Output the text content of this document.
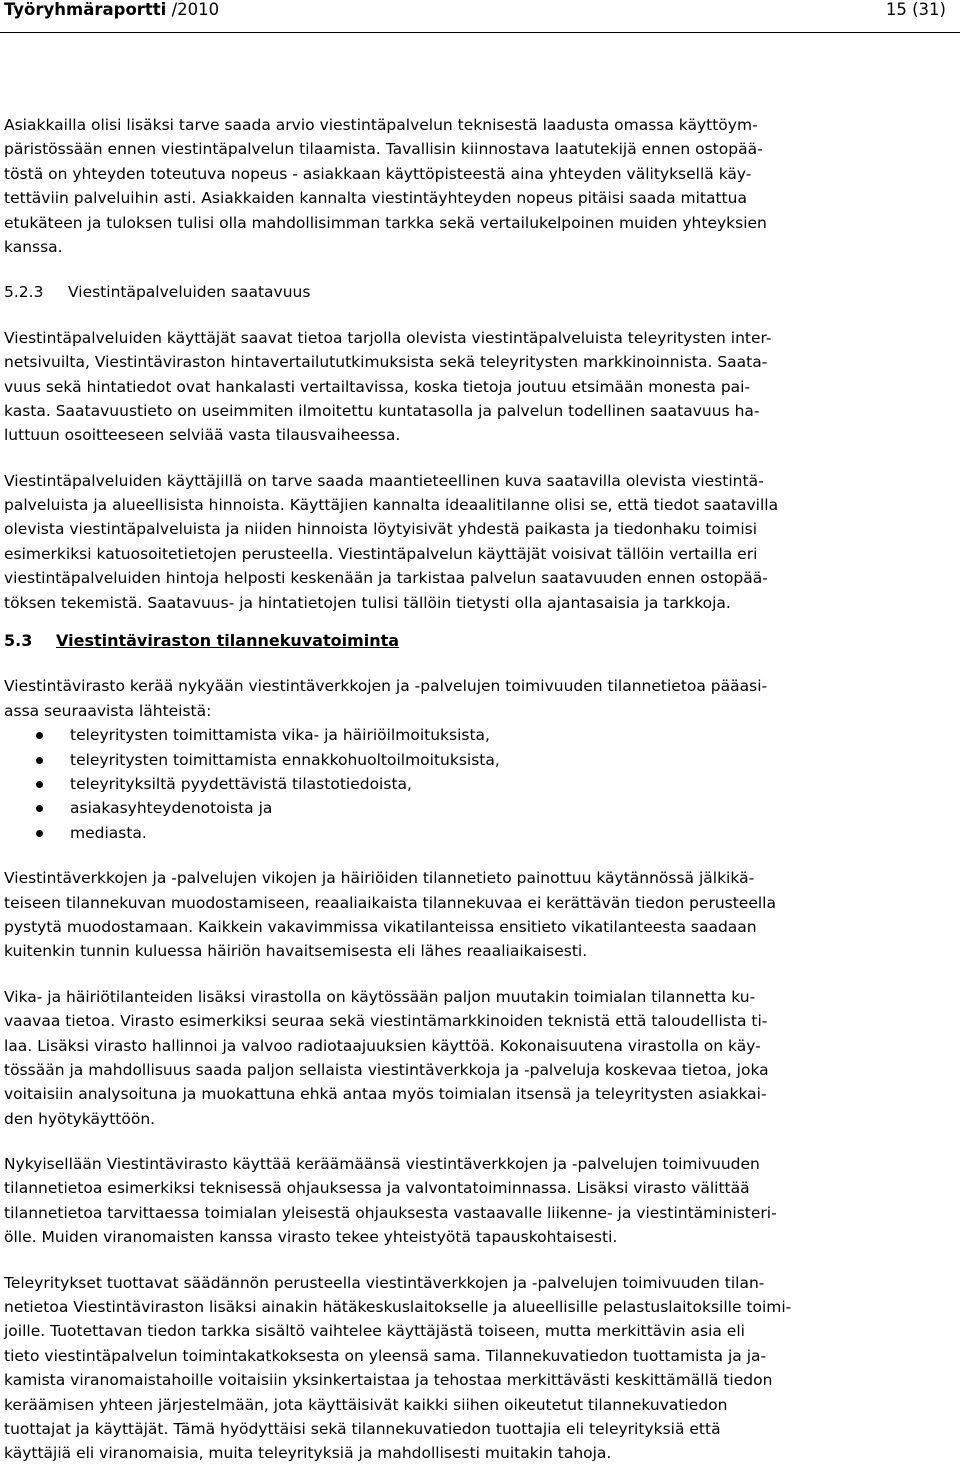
Työryhmäraportti /2010	15 (31)
Asiakkailla olisi lisäksi tarve saada arvio viestintäpalvelun teknisestä laadusta omassa käyttöym-
päristössään ennen viestintäpalvelun tilaamista. Tavallisin kiinnostava laatutekijä ennen ostopää-
töstä on yhteyden toteutuva nopeus - asiakkaan käyttöpisteestä aina yhteyden välityksellä käy-
tettäviin palveluihin asti. Asiakkaiden kannalta viestintäyhteyden nopeus pitäisi saada mitattua
etukäteen ja tuloksen tulisi olla mahdollisimman tarkka sekä vertailukelpoinen muiden yhteyksien
kanssa.
5.2.3 Viestintäpalveluiden saatavuus
Viestintäpalveluiden käyttäjät saavat tietoa tarjolla olevista viestintäpalveluista teleyritysten inter-
netsivuilta, Viestintäviraston hintavertailututkimuksista sekä teleyritysten markkinoinnista. Saata-
vuus sekä hintatiedot ovat hankalasti vertailtavissa, koska tietoja joutuu etsimään monesta pai-
kasta. Saatavuustieto on useimmiten ilmoitettu kuntatasolla ja palvelun todellinen saatavuus ha-
luttuun osoitteeseen selviää vasta tilausvaiheessa.
Viestintäpalveluiden käyttäjillä on tarve saada maantieteellinen kuva saatavilla olevista viestintä-
palveluista ja alueellisista hinnoista. Käyttäjien kannalta ideaalitilanne olisi se, että tiedot saatavilla
olevista viestintäpalveluista ja niiden hinnoista löytyisivät yhdestä paikasta ja tiedonhaku toimisi
esimerkiksi katuosoitetietojen perusteella. Viestintäpalvelun käyttäjät voisivat tällöin vertailla eri
viestintäpalveluiden hintoja helposti keskenään ja tarkistaa palvelun saatavuuden ennen ostopää-
töksen tekemistä. Saatavuus- ja hintatietojen tulisi tällöin tietysti olla ajantasaisia ja tarkkoja.
5.3 Viestintäviraston tilannekuvatoiminta
Viestintävirasto kerää nykyään viestintäverkkojen ja -palvelujen toimivuuden tilannetietoa pääasi-
assa seuraavista lähteistä:
teleyritysten toimittamista vika- ja häiriöilmoituksista,
teleyritysten toimittamista ennakkohuoltoilmoituksista,
teleyrityksiltä pyydettävistä tilastotiedoista,
asiakasyhteydenotoista ja
mediasta.
Viestintäverkkojen ja -palvelujen vikojen ja häiriöiden tilannetieto painottuu käytännössä jälkikä-
teiseen tilannekuvan muodostamiseen, reaaliaikaista tilannekuvaa ei kerättävän tiedon perusteella
pystytä muodostamaan. Kaikkein vakavimmissa vikatilanteissa ensitieto vikatilanteesta saadaan
kuitenkin tunnin kuluessa häiriön havaitsemisesta eli lähes reaaliaikaisesti.
Vika- ja häiriötilanteiden lisäksi virastolla on käytössään paljon muutakin toimialan tilannetta ku-
vaavaa tietoa. Virasto esimerkiksi seuraa sekä viestintämarkkinoiden teknistä että taloudellista ti-
laa. Lisäksi virasto hallinnoi ja valvoo radiotaajuuksien käyttöä. Kokonaisuutena virastolla on käy-
tössään ja mahdollisuus saada paljon sellaista viestintäverkkoja ja -palveluja koskevaa tietoa, joka
voitaisiin analysoituna ja muokattuna ehkä antaa myös toimialan itsensä ja teleyritysten asiakkai-
den hyötykäyttöön.
Nykyisellään Viestintävirasto käyttää keräämäänsä viestintäverkkojen ja -palvelujen toimivuuden
tilannetietoa esimerkiksi teknisessä ohjauksessa ja valvontatoiminnassa. Lisäksi virasto välittää
tilannetietoa tarvittaessa toimialan yleisestä ohjauksesta vastaavalle liikenne- ja viestintäministeri-
ölle. Muiden viranomaisten kanssa virasto tekee yhteistyötä tapauskohtaisesti.
Teleyritykset tuottavat säädännön perusteella viestintäverkkojen ja -palvelujen toimivuuden tilan-
netietoa Viestintäviraston lisäksi ainakin hätäkeskuslaitokselle ja alueellisille pelastuslaitoksille toimi-
joille. Tuotettavan tiedon tarkka sisältö vaihtelee käyttäjästä toiseen, mutta merkittävin asia eli
tieto viestintäpalvelun toimintakatkoksesta on yleensä sama. Tilannekuvatiedon tuottamista ja ja-
kamista viranomaistahoille voitaisiin yksinkertaistaa ja tehostaa merkittävästi keskittämällä tiedon
keräämisen yhteen järjestelmään, jota käyttäisivät kaikki siihen oikeutetut tilannekuvatiedon
tuottajat ja käyttäjät. Tämä hyödyttäisi sekä tilannekuvatiedon tuottajia eli teleyrityksiä että
käyttäjiä eli viranomaisia, muita teleyrityksiä ja mahdollisesti muitakin tahoja.
